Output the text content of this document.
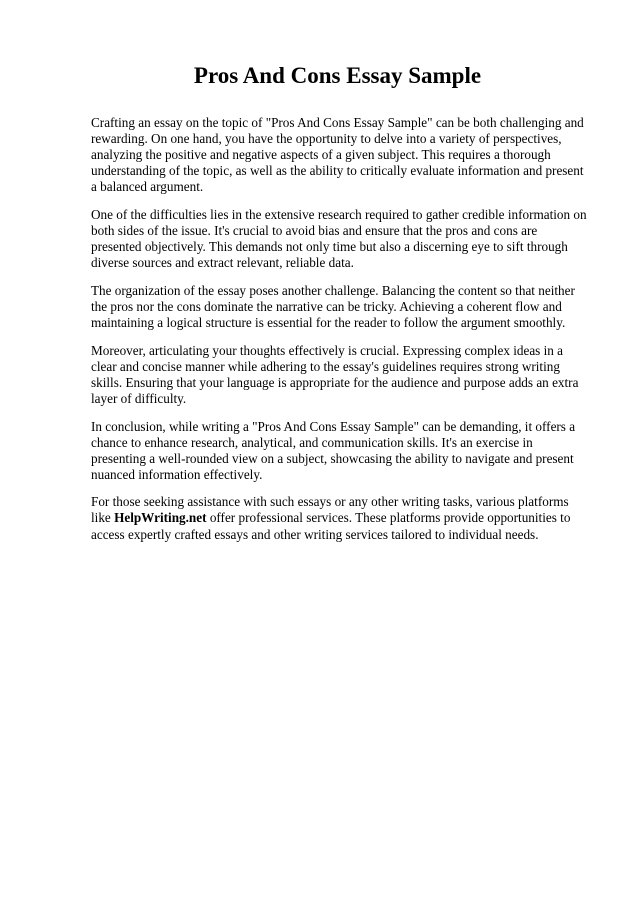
Pros And Cons Essay Sample

Crafting an essay on the topic of "Pros And Cons Essay Sample" can be both challenging and rewarding. On one hand, you have the opportunity to delve into a variety of perspectives, analyzing the positive and negative aspects of a given subject. This requires a thorough understanding of the topic, as well as the ability to critically evaluate information and present a balanced argument.

One of the difficulties lies in the extensive research required to gather credible information on both sides of the issue. It's crucial to avoid bias and ensure that the pros and cons are presented objectively. This demands not only time but also a discerning eye to sift through diverse sources and extract relevant, reliable data.

The organization of the essay poses another challenge. Balancing the content so that neither the pros nor the cons dominate the narrative can be tricky. Achieving a coherent flow and maintaining a logical structure is essential for the reader to follow the argument smoothly.

Moreover, articulating your thoughts effectively is crucial. Expressing complex ideas in a clear and concise manner while adhering to the essay's guidelines requires strong writing skills. Ensuring that your language is appropriate for the audience and purpose adds an extra layer of difficulty.

In conclusion, while writing a "Pros And Cons Essay Sample" can be demanding, it offers a chance to enhance research, analytical, and communication skills. It's an exercise in presenting a well-rounded view on a subject, showcasing the ability to navigate and present nuanced information effectively.

For those seeking assistance with such essays or any other writing tasks, various platforms like HelpWriting.net offer professional services. These platforms provide opportunities to access expertly crafted essays and other writing services tailored to individual needs.
